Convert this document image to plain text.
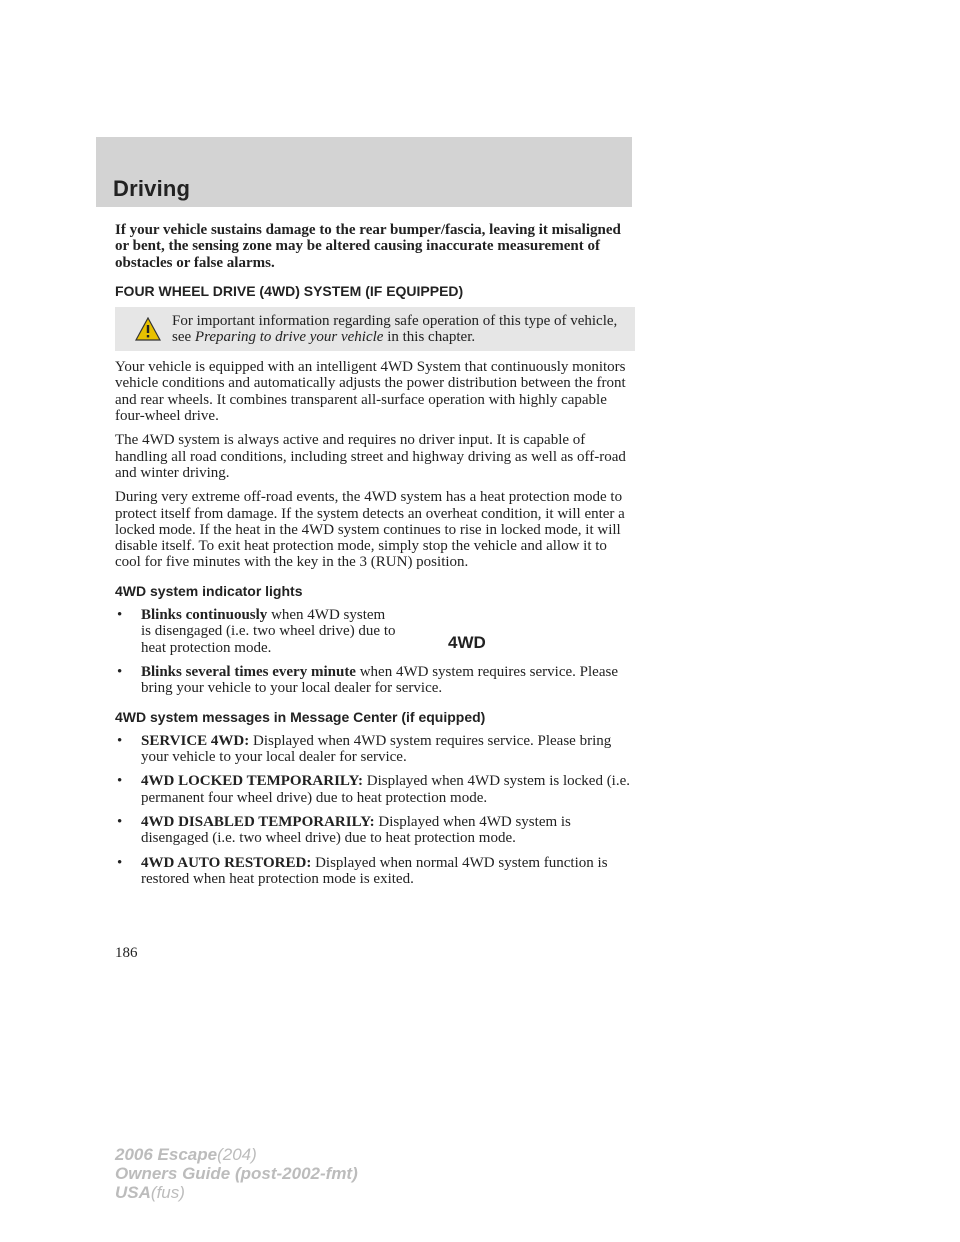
Driving

If your vehicle sustains damage to the rear bumper/fascia, leaving it misaligned or bent, the sensing zone may be altered causing inaccurate measurement of obstacles or false alarms.

FOUR WHEEL DRIVE (4WD) SYSTEM (IF EQUIPPED)
For important information regarding safe operation of this type of vehicle, see Preparing to drive your vehicle in this chapter.

Your vehicle is equipped with an intelligent 4WD System that continuously monitors vehicle conditions and automatically adjusts the power distribution between the front and rear wheels. It combines transparent all-surface operation with highly capable four-wheel drive.

The 4WD system is always active and requires no driver input. It is capable of handling all road conditions, including street and highway driving as well as off-road and winter driving.

During very extreme off-road events, the 4WD system has a heat protection mode to protect itself from damage. If the system detects an overheat condition, it will enter a locked mode. If the heat in the 4WD system continues to rise in locked mode, it will disable itself. To exit heat protection mode, simply stop the vehicle and allow it to cool for five minutes with the key in the 3 (RUN) position.

4WD system indicator lights
4WD
• Blinks continuously when 4WD system is disengaged (i.e. two wheel drive) due to heat protection mode.
• Blinks several times every minute when 4WD system requires service. Please bring your vehicle to your local dealer for service.
4WD system messages in Message Center (if equipped)
• SERVICE 4WD: Displayed when 4WD system requires service. Please bring your vehicle to your local dealer for service.
• 4WD LOCKED TEMPORARILY: Displayed when 4WD system is locked (i.e. permanent four wheel drive) due to heat protection mode.
• 4WD DISABLED TEMPORARILY: Displayed when 4WD system is disengaged (i.e. two wheel drive) due to heat protection mode.
• 4WD AUTO RESTORED: Displayed when normal 4WD system function is restored when heat protection mode is exited.
186
2006 Escape(204)
Owners Guide (post-2002-fmt)
USA(fus)
